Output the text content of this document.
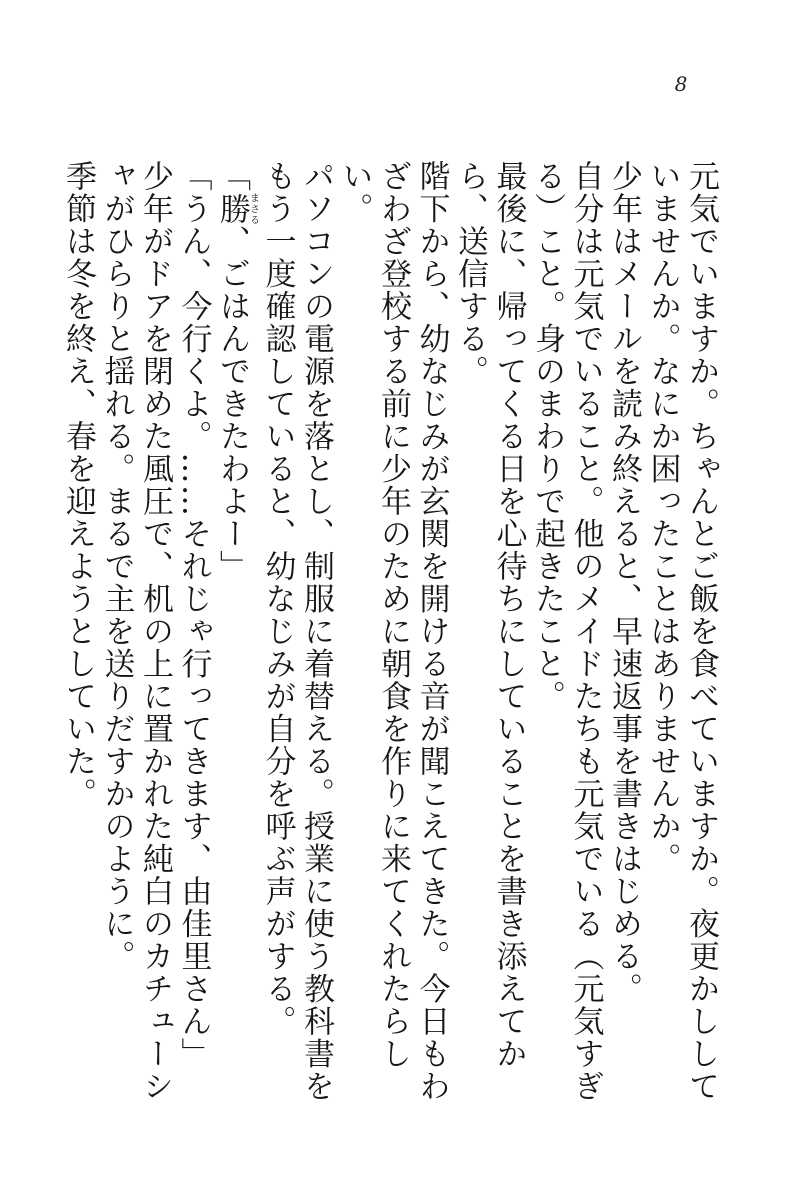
8

元気でいますか。ちゃんとご飯を食べていますか。夜更かししていませんか。なにか困ったことはありませんか。

少年はメールを読み終えると、早速返事を書きはじめる。

自分は元気でいること。他のメイドたちも元気でいる（元気すぎる）こと。身のまわりで起きたこと。

最後に、帰ってくる日を心待ちにしていることを書き添えてから、送信する。

階下から、幼なじみが玄関を開ける音が聞こえてきた。今日もわざわざ登校する前に少年のために朝食を作りに来てくれたらしい。

パソコンの電源を落とし、制服に着替える。授業に使う教科書をもう一度確認していると、幼なじみが自分を呼ぶ声がする。

「勝まさる、ごはんできたわよー」

「うん、今行くよ。……それじゃ行ってきます、由佳里さん」

少年がドアを閉めた風圧で、机の上に置かれた純白のカチューシャがひらりと揺れる。まるで主を送りだすかのように。

季節は冬を終え、春を迎えようとしていた。
